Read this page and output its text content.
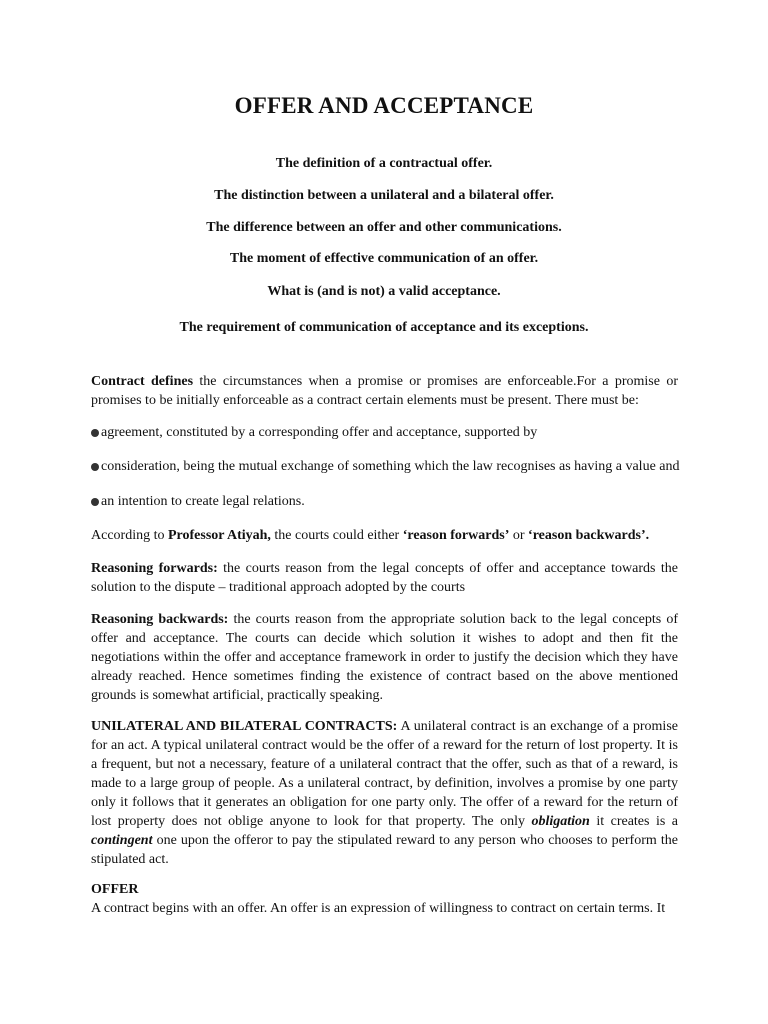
OFFER AND ACCEPTANCE
The definition of a contractual offer.
The distinction between a unilateral and a bilateral offer.
The difference between an offer and other communications.
The moment of effective communication of an offer.
What is (and is not) a valid acceptance.
The requirement of communication of acceptance and its exceptions.
Contract defines the circumstances when a promise or promises are enforceable.For a promise or promises to be initially enforceable as a contract certain elements must be present. There must be:
agreement, constituted by a corresponding offer and acceptance, supported by
consideration, being the mutual exchange of something which the law recognises as having a value and
an intention to create legal relations.
According to Professor Atiyah, the courts could either ‘reason forwards’ or ‘reason backwards’.
Reasoning forwards: the courts reason from the legal concepts of offer and acceptance towards the solution to the dispute – traditional approach adopted by the courts
Reasoning backwards: the courts reason from the appropriate solution back to the legal concepts of offer and acceptance. The courts can decide which solution it wishes to adopt and then fit the negotiations within the offer and acceptance framework in order to justify the decision which they have already reached. Hence sometimes finding the existence of contract based on the above mentioned grounds is somewhat artificial, practically speaking.
UNILATERAL AND BILATERAL CONTRACTS: A unilateral contract is an exchange of a promise for an act. A typical unilateral contract would be the offer of a reward for the return of lost property. It is a frequent, but not a necessary, feature of a unilateral contract that the offer, such as that of a reward, is made to a large group of people. As a unilateral contract, by definition, involves a promise by one party only it follows that it generates an obligation for one party only. The offer of a reward for the return of lost property does not oblige anyone to look for that property. The only obligation it creates is a contingent one upon the offeror to pay the stipulated reward to any person who chooses to perform the stipulated act.
OFFER
A contract begins with an offer. An offer is an expression of willingness to contract on certain terms. It
